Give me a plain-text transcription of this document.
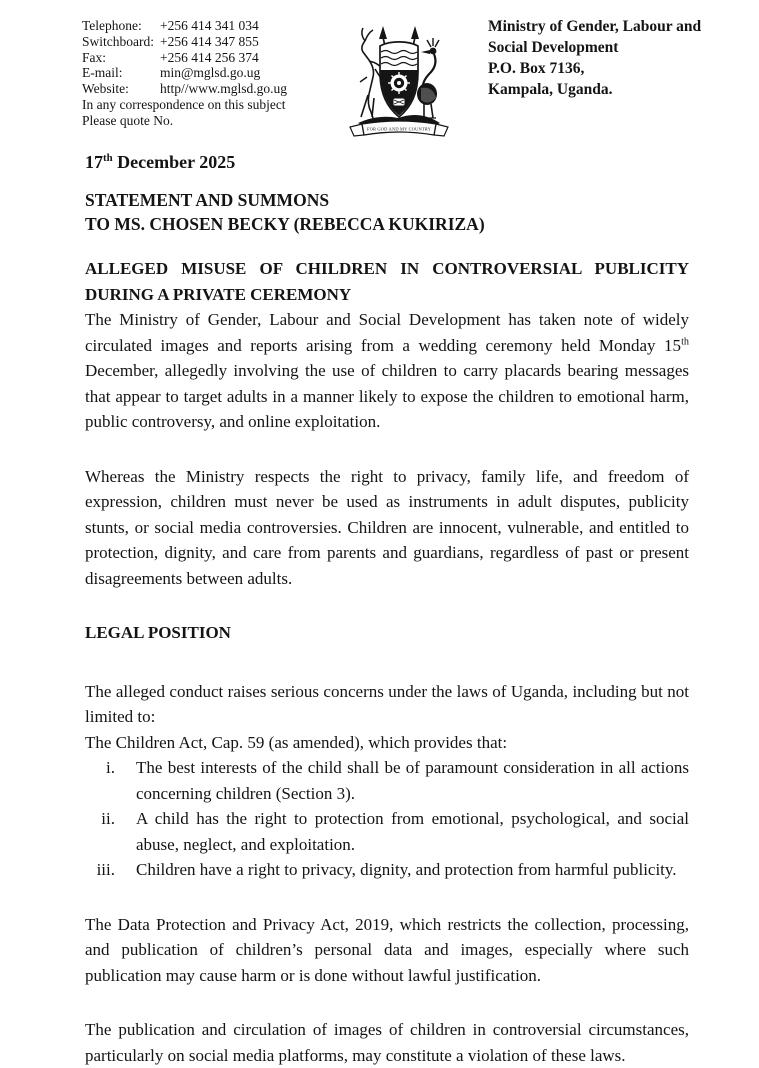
Telephone:	+256 414 341 034
Switchboard: +256 414 347 855
Fax:	+256 414 256 374
E-mail:	min@mglsd.go.ug
Website:	http//www.mglsd.go.ug
In any correspondence on this subject
Please quote No.
FOR GOD AND MY COUNTRY
Ministry of Gender, Labour and
Social Development
P.O. Box 7136,
Kampala, Uganda.
17th December 2025
STATEMENT AND SUMMONS
TO MS. CHOSEN BECKY (REBECCA KUKIRIZA)
ALLEGED MISUSE OF CHILDREN IN CONTROVERSIAL PUBLICITY
DURING A PRIVATE CEREMONY

The Ministry of Gender, Labour and Social Development has taken note of widely circulated images and reports arising from a wedding ceremony held Monday 15th December, allegedly involving the use of children to carry placards bearing messages that appear to target adults in a manner likely to expose the children to emotional harm, public controversy, and online exploitation.

Whereas the Ministry respects the right to privacy, family life, and freedom of expression, children must never be used as instruments in adult disputes, publicity stunts, or social media controversies. Children are innocent, vulnerable, and entitled to protection, dignity, and care from parents and guardians, regardless of past or present disagreements between adults.

LEGAL POSITION

The alleged conduct raises serious concerns under the laws of Uganda, including but not limited to:

The Children Act, Cap. 59 (as amended), which provides that:
i. The best interests of the child shall be of paramount consideration in all actions concerning children (Section 3).
ii. A child has the right to protection from emotional, psychological, and social abuse, neglect, and exploitation.
iii. Children have a right to privacy, dignity, and protection from harmful publicity.

The Data Protection and Privacy Act, 2019, which restricts the collection, processing, and publication of children’s personal data and images, especially where such publication may cause harm or is done without lawful justification.

The publication and circulation of images of children in controversial circumstances, particularly on social media platforms, may constitute a violation of these laws.
